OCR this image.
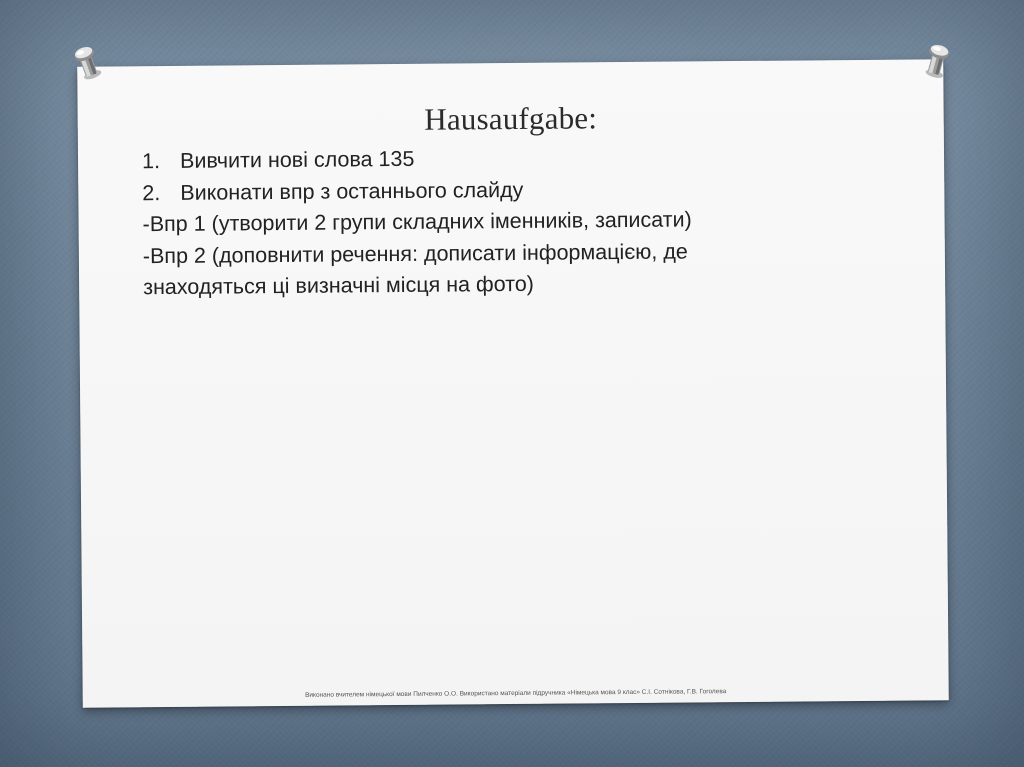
Hausaufgabe:
1. Вивчити нові слова 135
2. Виконати впр з останнього слайду
-Впр 1 (утворити 2 групи складних іменників, записати)
-Впр 2 (доповнити речення: дописати інформацією, де
знаходяться ці визначні місця на фото)
Виконано вчителем німецької мови Пилченко О.О. Використано матеріали підручника «Німецька мова 9 клас» С.І. Сотнікова, Г.В. Гоголева
